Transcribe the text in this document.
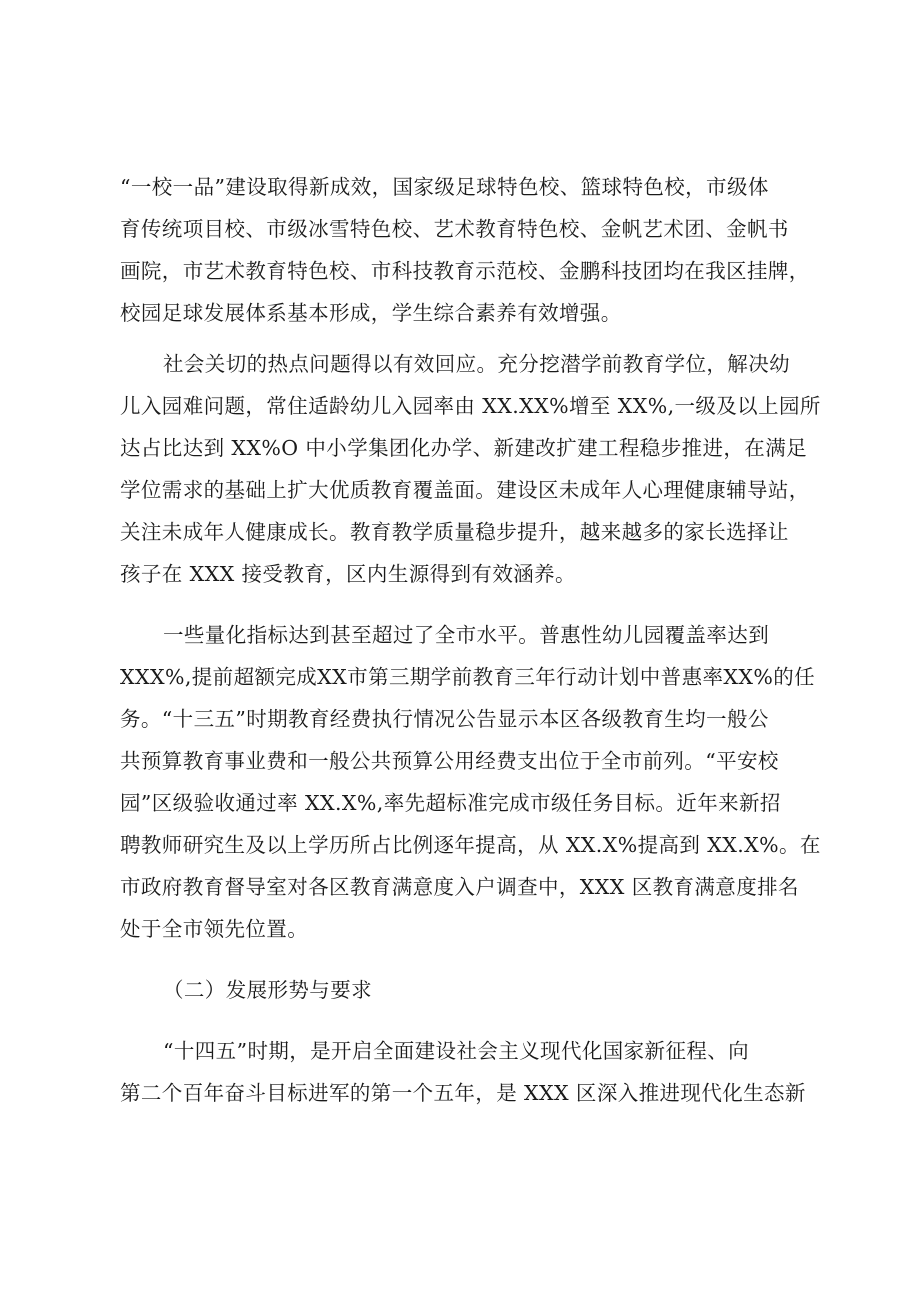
“一校一品”建设取得新成效，国家级足球特色校、篮球特色校，市级体
育传统项目校、市级冰雪特色校、艺术教育特色校、金帆艺术团、金帆书
画院，市艺术教育特色校、市科技教育示范校、金鹏科技团均在我区挂牌，
校园足球发展体系基本形成，学生综合素养有效增强。
社会关切的热点问题得以有效回应。充分挖潜学前教育学位，解决幼
儿入园难问题，常住适龄幼儿入园率由 XX.XX%增至 XX%,一级及以上园所
达占比达到 XX%O 中小学集团化办学、新建改扩建工程稳步推进，在满足
学位需求的基础上扩大优质教育覆盖面。建设区未成年人心理健康辅导站，
关注未成年人健康成长。教育教学质量稳步提升，越来越多的家长选择让
孩子在 XXX 接受教育，区内生源得到有效涵养。
一些量化指标达到甚至超过了全市水平。普惠性幼儿园覆盖率达到
XXX%,提前超额完成XX市第三期学前教育三年行动计划中普惠率XX%的任
务。“十三五”时期教育经费执行情况公告显示本区各级教育生均一般公
共预算教育事业费和一般公共预算公用经费支出位于全市前列。“平安校
园”区级验收通过率 XX.X%,率先超标准完成市级任务目标。近年来新招
聘教师研究生及以上学历所占比例逐年提高，从 XX.X%提高到 XX.X%。在
市政府教育督导室对各区教育满意度入户调查中，XXX 区教育满意度排名
处于全市领先位置。
（二）发展形势与要求
“十四五”时期，是开启全面建设社会主义现代化国家新征程、向
第二个百年奋斗目标进军的第一个五年，是 XXX 区深入推进现代化生态新
